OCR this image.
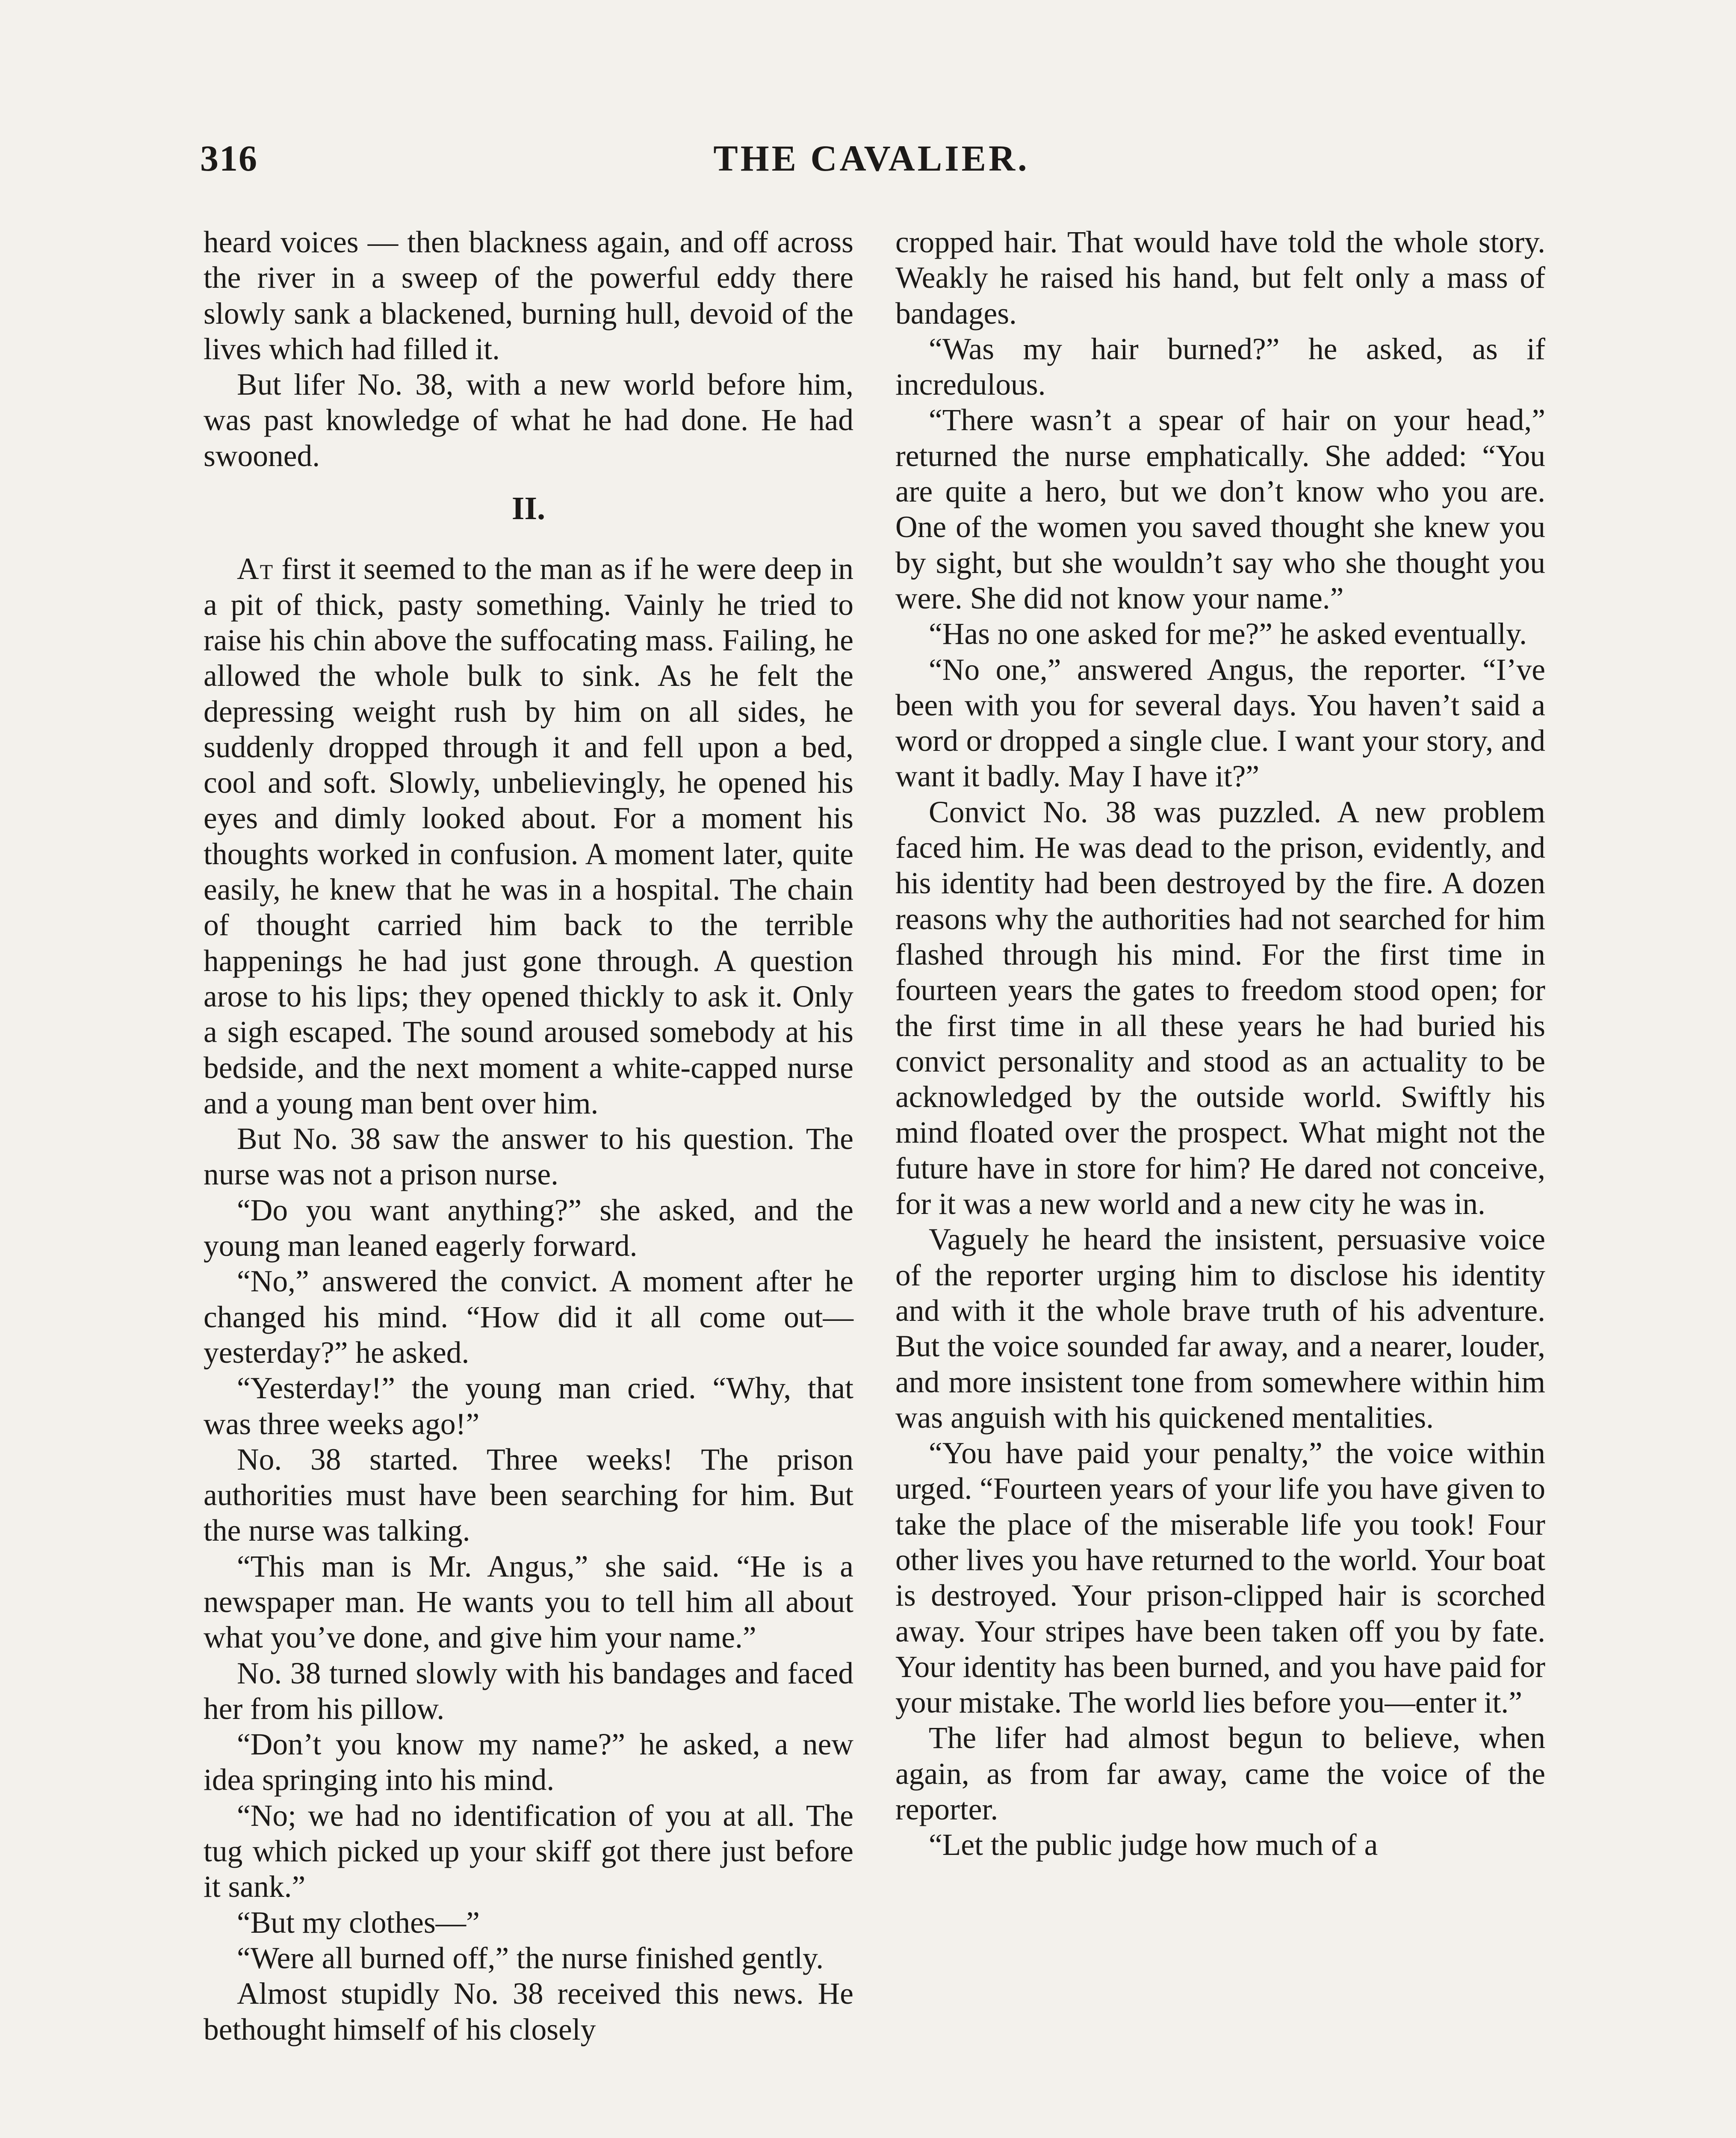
316	THE CAVALIER.

heard voices — then blackness again, and off across the river in a sweep of the powerful eddy there slowly sank a blackened, burning hull, devoid of the lives which had filled it.

But lifer No. 38, with a new world before him, was past knowledge of what he had done. He had swooned.

II.

At first it seemed to the man as if he were deep in a pit of thick, pasty something. Vainly he tried to raise his chin above the suffocating mass. Failing, he allowed the whole bulk to sink. As he felt the depressing weight rush by him on all sides, he suddenly dropped through it and fell upon a bed, cool and soft. Slowly, unbelievingly, he opened his eyes and dimly looked about. For a moment his thoughts worked in confusion. A moment later, quite easily, he knew that he was in a hospital. The chain of thought carried him back to the terrible happenings he had just gone through. A question arose to his lips; they opened thickly to ask it. Only a sigh escaped. The sound aroused somebody at his bedside, and the next moment a white-capped nurse and a young man bent over him.

But No. 38 saw the answer to his question. The nurse was not a prison nurse.

“Do you want anything?” she asked, and the young man leaned eagerly forward.

“No,” answered the convict. A moment after he changed his mind. “How did it all come out—yesterday?” he asked.

“Yesterday!” the young man cried. “Why, that was three weeks ago!”

No. 38 started. Three weeks! The prison authorities must have been searching for him. But the nurse was talking.

“This man is Mr. Angus,” she said. “He is a newspaper man. He wants you to tell him all about what you’ve done, and give him your name.”

No. 38 turned slowly with his bandages and faced her from his pillow.

“Don’t you know my name?” he asked, a new idea springing into his mind.

“No; we had no identification of you at all. The tug which picked up your skiff got there just before it sank.”

“But my clothes—”

“Were all burned off,” the nurse finished gently.

Almost stupidly No. 38 received this news. He bethought himself of his closely

cropped hair. That would have told the whole story. Weakly he raised his hand, but felt only a mass of bandages.

“Was my hair burned?” he asked, as if incredulous.

“There wasn’t a spear of hair on your head,” returned the nurse emphatically. She added: “You are quite a hero, but we don’t know who you are. One of the women you saved thought she knew you by sight, but she wouldn’t say who she thought you were. She did not know your name.”

“Has no one asked for me?” he asked eventually.

“No one,” answered Angus, the reporter. “I’ve been with you for several days. You haven’t said a word or dropped a single clue. I want your story, and want it badly. May I have it?”

Convict No. 38 was puzzled. A new problem faced him. He was dead to the prison, evidently, and his identity had been destroyed by the fire. A dozen reasons why the authorities had not searched for him flashed through his mind. For the first time in fourteen years the gates to freedom stood open; for the first time in all these years he had buried his convict personality and stood as an actuality to be acknowledged by the outside world. Swiftly his mind floated over the prospect. What might not the future have in store for him? He dared not conceive, for it was a new world and a new city he was in.

Vaguely he heard the insistent, persuasive voice of the reporter urging him to disclose his identity and with it the whole brave truth of his adventure. But the voice sounded far away, and a nearer, louder, and more insistent tone from somewhere within him was anguish with his quickened mentalities.

“You have paid your penalty,” the voice within urged. “Fourteen years of your life you have given to take the place of the miserable life you took! Four other lives you have returned to the world. Your boat is destroyed. Your prison-clipped hair is scorched away. Your stripes have been taken off you by fate. Your identity has been burned, and you have paid for your mistake. The world lies before you—enter it.”

The lifer had almost begun to believe, when again, as from far away, came the voice of the reporter.

“Let the public judge how much of a
